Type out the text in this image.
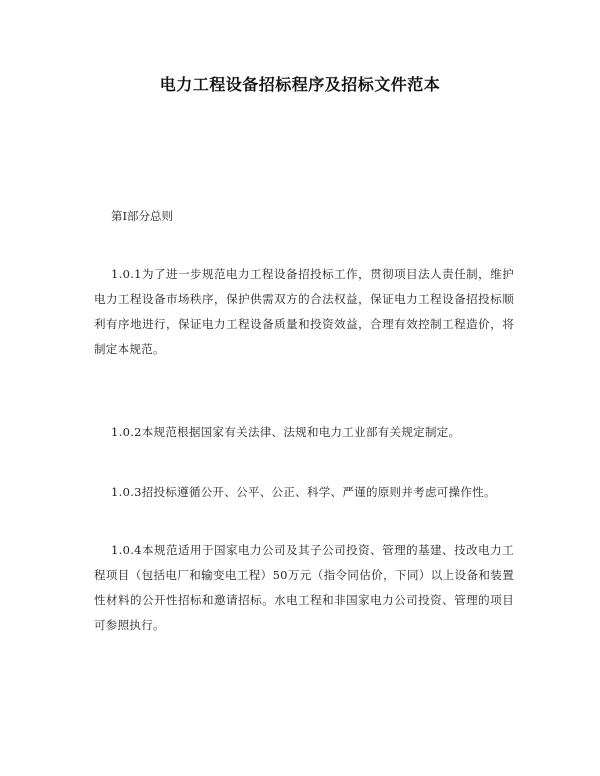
电力工程设备招标程序及招标文件范本
第I部分总则

1.0.1为了进一步规范电力工程设备招投标工作，贯彻项目法人责任制，维护电力工程设备市场秩序，保护供需双方的合法权益，保证电力工程设备招投标顺利有序地进行，保证电力工程设备质量和投资效益，合理有效控制工程造价，将制定本规范。

1.0.2本规范根据国家有关法律、法规和电力工业部有关规定制定。

1.0.3招投标遵循公开、公平、公正、科学、严谨的原则并考虑可操作性。

1.0.4本规范适用于国家电力公司及其子公司投资、管理的基建、技改电力工程项目（包括电厂和输变电工程）50万元（指令同估价，下同）以上设备和装置性材料的公开性招标和邀请招标。水电工程和非国家电力公司投资、管理的项目可参照执行。
